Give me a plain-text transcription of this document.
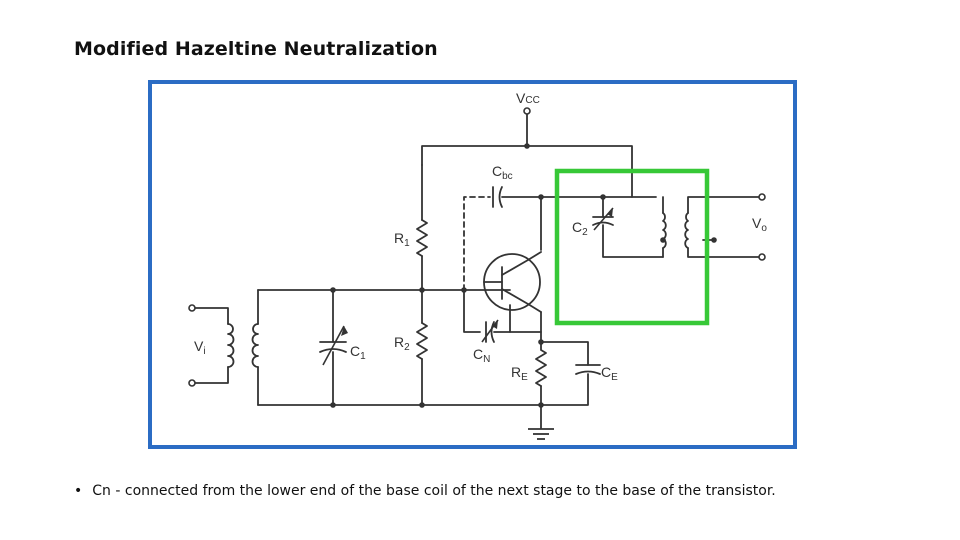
Modified Hazeltine Neutralization
VCC
$C_{bc}$
$C_2$
$V_o$
$R_1$
$R_2$
$V_i$	$C_1$	$C_N$
$R_E$	$C_E$
• Cn - connected from the lower end of the base coil of the next stage to the base of the transistor.
